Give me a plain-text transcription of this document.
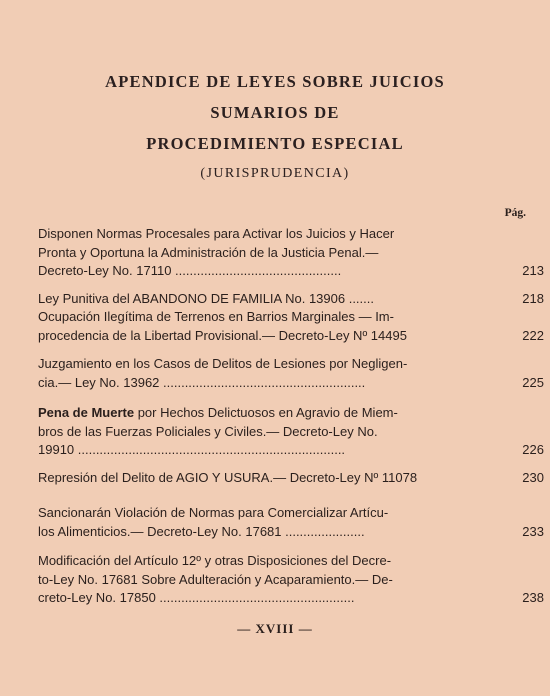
APENDICE DE LEYES SOBRE JUICIOS
SUMARIOS DE
PROCEDIMIENTO ESPECIAL
(JURISPRUDENCIA)
Pág.
Disponen Normas Procesales para Activar los Juicios y Hacer
Pronta y Oportuna la Administración de la Justicia Penal.—
Decreto-Ley No. 17110 ..............................................	213
Ley Punitiva del ABANDONO DE FAMILIA No. 13906 .......	218
Ocupación Ilegítima de Terrenos en Barrios Marginales — Im-
procedencia de la Libertad Provisional.— Decreto-Ley Nº 14495	222
Juzgamiento en los Casos de Delitos de Lesiones por Negligen-
cia.— Ley No. 13962 ........................................................	225
Pena de Muerte por Hechos Delictuosos en Agravio de Miem-
bros de las Fuerzas Policiales y Civiles.— Decreto-Ley No.
19910 ..........................................................................	226
Represión del Delito de AGIO Y USURA.— Decreto-Ley Nº 11078	230
Sancionarán Violación de Normas para Comercializar Artícu-
los Alimenticios.— Decreto-Ley No. 17681 ......................	233
Modificación del Artículo 12º y otras Disposiciones del Decre-
to-Ley No. 17681 Sobre Adulteración y Acaparamiento.— De-
creto-Ley No. 17850 ......................................................	238
— XVIII —
